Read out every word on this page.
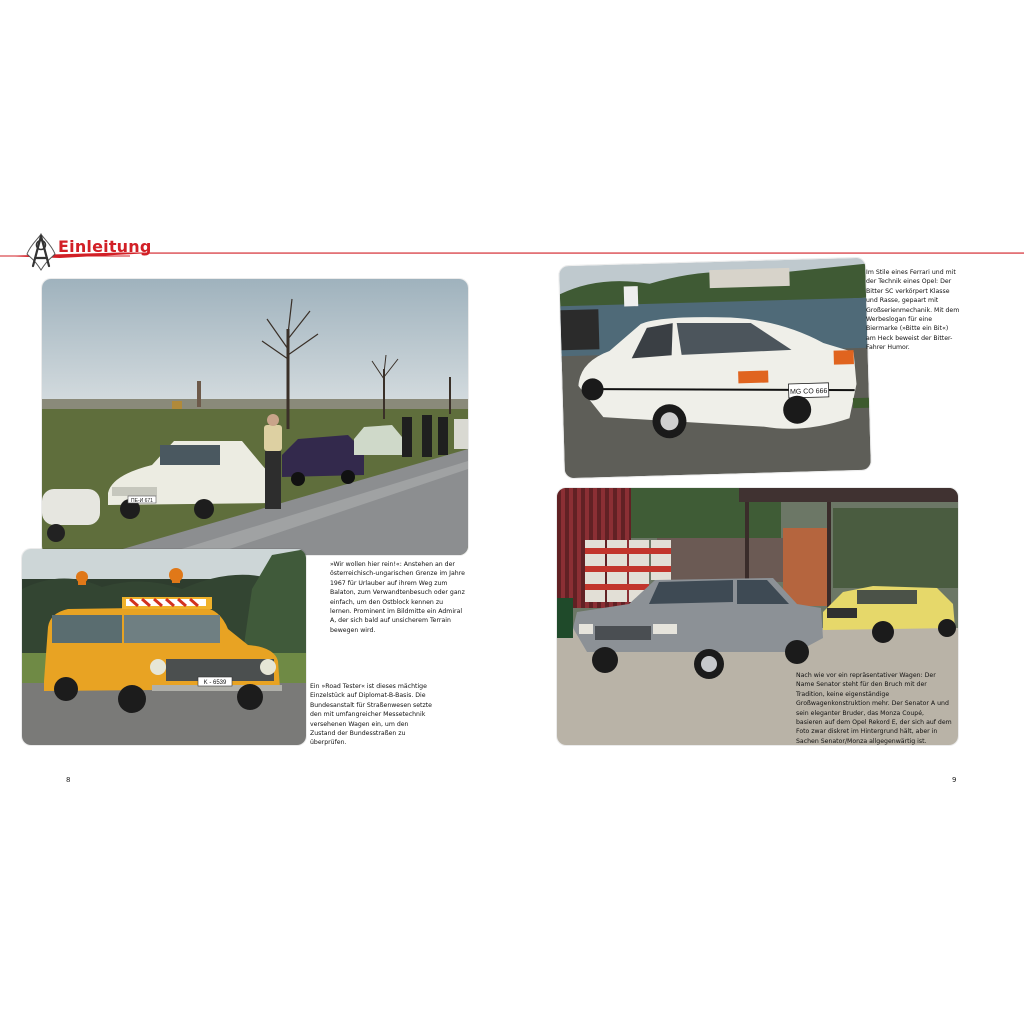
Einleitung
ПЕ-И 671
»Wir wollen hier rein!«: Anstehen an der österreichisch-ungarischen Grenze im Jahre 1967 für Urlauber auf ihrem Weg zum Balaton, zum Verwandtenbesuch oder ganz einfach, um den Ostblock kennen zu lernen. Prominent im Bildmitte ein Admiral A, der sich bald auf unsicherem Terrain bewegen wird.
K - 6539	Ein »Road Tester« ist dieses mächtige Einzelstück auf Diplomat-B-Basis. Die Bundesanstalt für Straßenwesen setzte den mit umfangreicher Messetechnik versehenen Wagen ein, um den Zustand der Bundesstraßen zu überprüfen.
MG CO 666
Im Stile eines Ferrari und mit der Technik eines Opel: Der Bitter SC verkörpert Klasse und Rasse, gepaart mit Großserienmechanik. Mit dem Werbeslogan für eine Biermarke (»Bitte ein Bit«) am Heck beweist der Bitter-Fahrer Humor.
Nach wie vor ein repräsentativer Wagen: Der Name Senator steht für den Bruch mit der Tradition, keine eigenständige Großwagenkonstruktion mehr. Der Senator A und sein eleganter Bruder, das Monza Coupé, basieren auf dem Opel Rekord E, der sich auf dem Foto zwar diskret im Hintergrund hält, aber in Sachen Senator/Monza allgegenwärtig ist.
8	9
